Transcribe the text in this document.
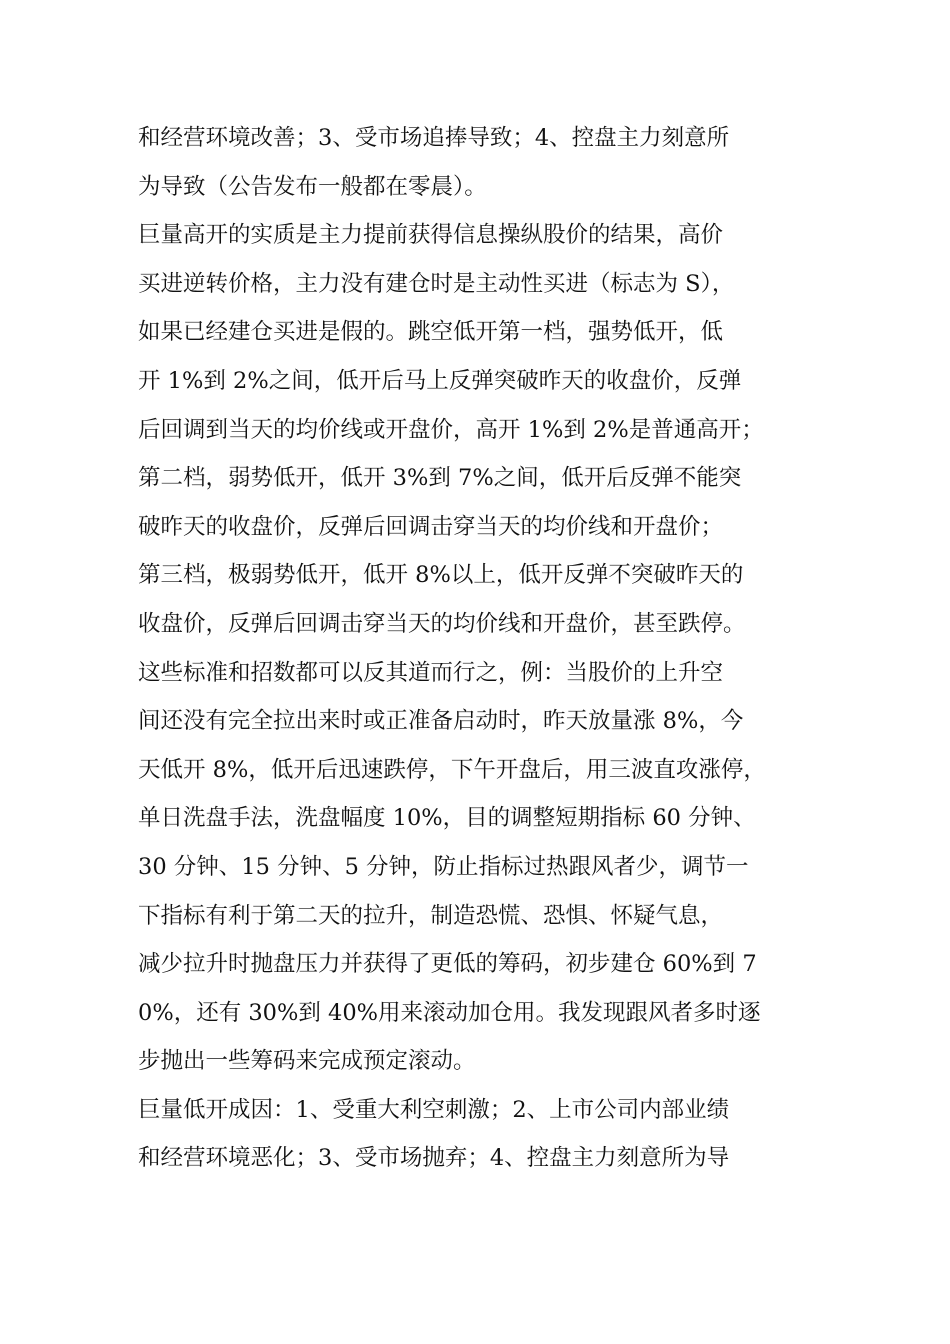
和经营环境改善；3、受市场追捧导致；4、控盘主力刻意所
为导致（公告发布一般都在零晨）。
巨量高开的实质是主力提前获得信息操纵股价的结果，高价
买进逆转价格，主力没有建仓时是主动性买进（标志为 S），
如果已经建仓买进是假的。跳空低开第一档，强势低开，低
开 1%到 2%之间，低开后马上反弹突破昨天的收盘价，反弹
后回调到当天的均价线或开盘价，高开 1%到 2%是普通高开；
第二档，弱势低开，低开 3%到 7%之间，低开后反弹不能突
破昨天的收盘价，反弹后回调击穿当天的均价线和开盘价；
第三档，极弱势低开，低开 8%以上，低开反弹不突破昨天的
收盘价，反弹后回调击穿当天的均价线和开盘价，甚至跌停。
这些标准和招数都可以反其道而行之，例：当股价的上升空
间还没有完全拉出来时或正准备启动时，昨天放量涨 8%，今
天低开 8%，低开后迅速跌停，下午开盘后，用三波直攻涨停，
单日洗盘手法，洗盘幅度 10%，目的调整短期指标 60 分钟、
30 分钟、15 分钟、5 分钟，防止指标过热跟风者少，调节一
下指标有利于第二天的拉升，制造恐慌、恐惧、怀疑气息，
减少拉升时抛盘压力并获得了更低的筹码，初步建仓 60%到 7
0%，还有 30%到 40%用来滚动加仓用。我发现跟风者多时逐
步抛出一些筹码来完成预定滚动。
巨量低开成因：1、受重大利空刺激；2、上市公司内部业绩
和经营环境恶化；3、受市场抛弃；4、控盘主力刻意所为导
